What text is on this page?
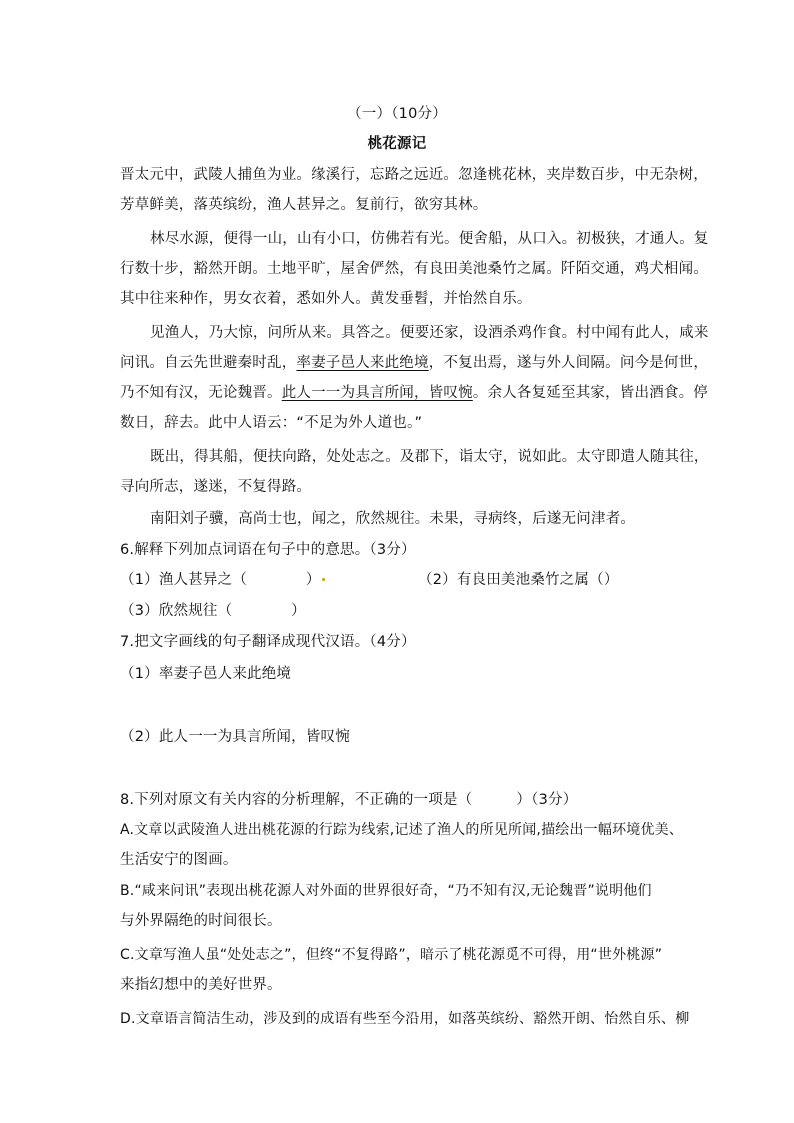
（一）（10分）
桃花源记
晋太元中，武陵人捕鱼为业。缘溪行，忘路之远近。忽逢桃花林，夹岸数百步，中无杂树，
芳草鲜美，落英缤纷，渔人甚异之。复前行，欲穷其林。
林尽水源，便得一山，山有小口，仿佛若有光。便舍船，从口入。初极狭，才通人。复
行数十步，豁然开朗。土地平旷，屋舍俨然，有良田美池桑竹之属。阡陌交通，鸡犬相闻。
其中往来种作，男女衣着，悉如外人。黄发垂髫，并怡然自乐。
见渔人，乃大惊，问所从来。具答之。便要还家，设酒杀鸡作食。村中闻有此人，咸来
问讯。自云先世避秦时乱，率妻子邑人来此绝境，不复出焉，遂与外人间隔。问今是何世，
乃不知有汉，无论魏晋。此人一一为具言所闻，皆叹惋。余人各复延至其家，皆出酒食。停
数日，辞去。此中人语云：“不足为外人道也。”
既出，得其船，便扶向路，处处志之。及郡下，诣太守，说如此。太守即遣人随其往，
寻向所志，遂迷，不复得路。
南阳刘子骥，高尚士也，闻之，欣然规往。未果，寻病终，后遂无问津者。
6.解释下列加点词语在句子中的意思。（3分）
（1）渔人甚异之（　　　　）	（2）有良田美池桑竹之属（）
（3）欣然规往（　　　　）
7.把文字画线的句子翻译成现代汉语。（4分）
（1）率妻子邑人来此绝境
（2）此人一一为具言所闻，皆叹惋
8.下列对原文有关内容的分析理解，不正确的一项是（　　　）（3分）
A.文章以武陵渔人进出桃花源的行踪为线索,记述了渔人的所见所闻,描绘出一幅环境优美、
生活安宁的图画。
B.“咸来问讯”表现出桃花源人对外面的世界很好奇，“乃不知有汉,无论魏晋”说明他们
与外界隔绝的时间很长。
C.文章写渔人虽“处处志之”，但终“不复得路”，暗示了桃花源觅不可得，用“世外桃源”
来指幻想中的美好世界。
D.文章语言简洁生动，涉及到的成语有些至今沿用，如落英缤纷、豁然开朗、怡然自乐、柳
